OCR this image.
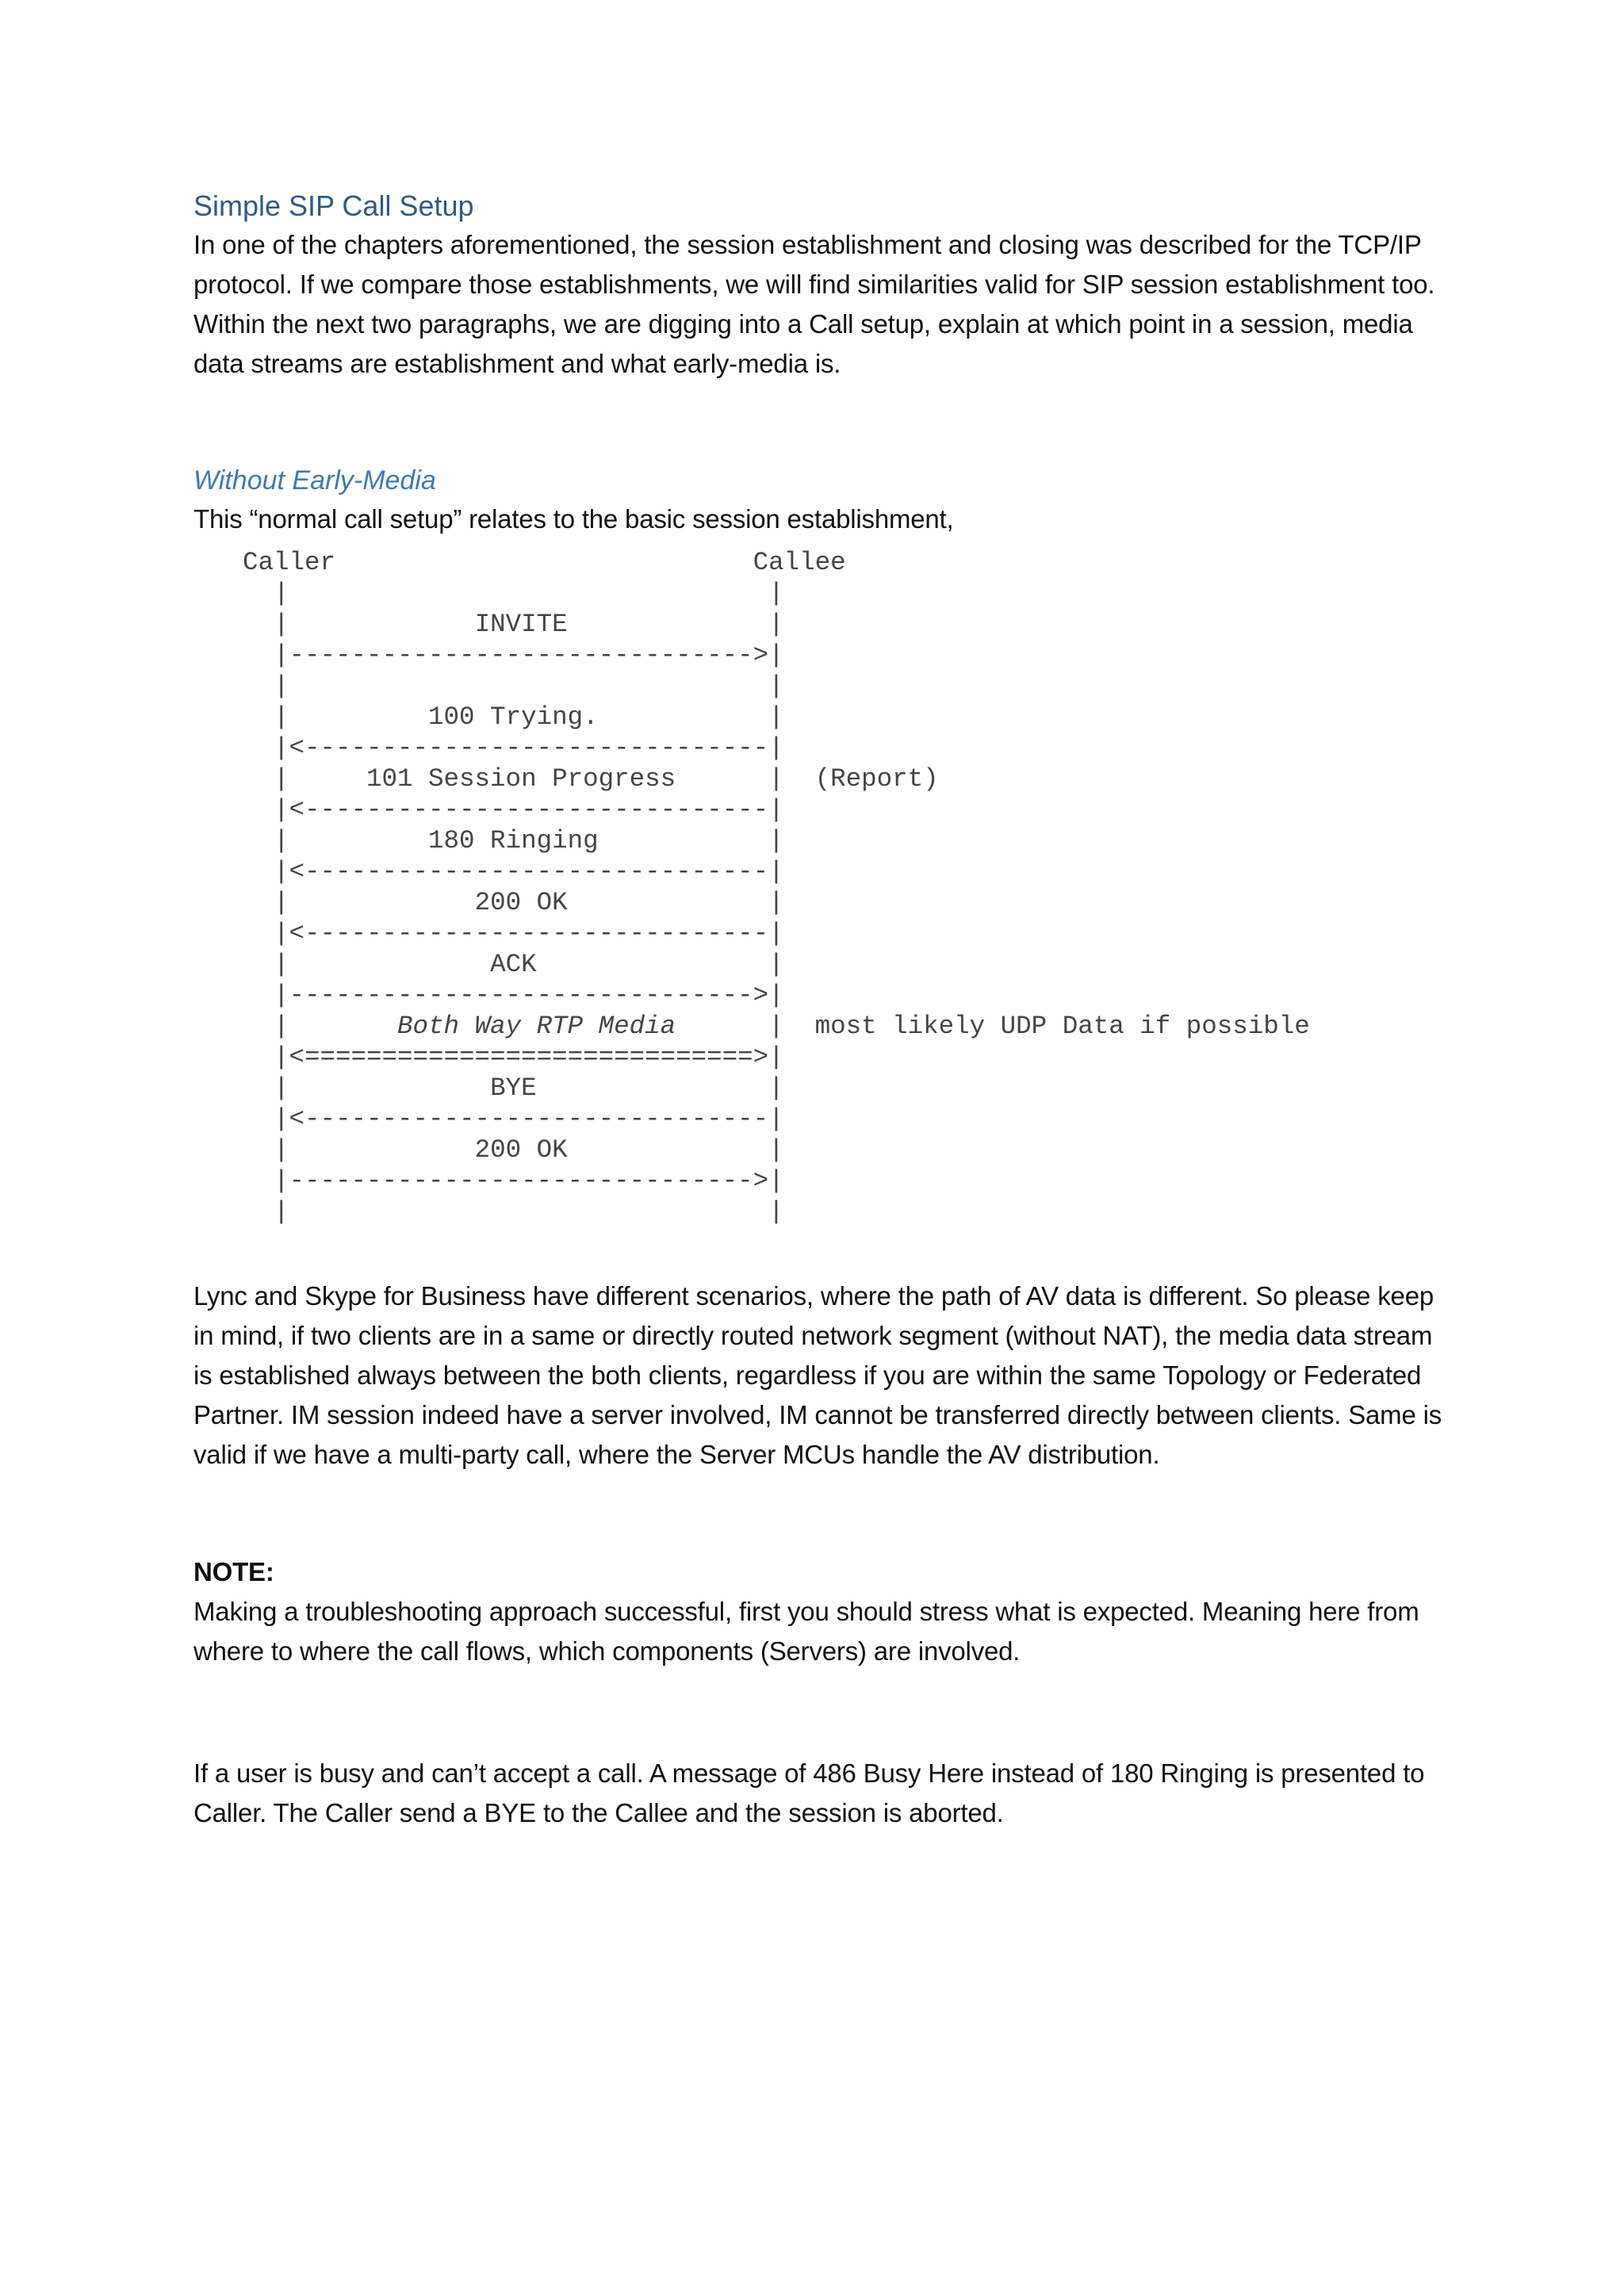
Simple SIP Call Setup

In one of the chapters aforementioned, the session establishment and closing was described for the TCP/IP protocol. If we compare those establishments, we will find similarities valid for SIP session establishment too. Within the next two paragraphs, we are digging into a Call setup, explain at which point in a session, media data streams are establishment and what early-media is.

Without Early-Media

This “normal call setup” relates to the basic session establishment,

Caller	Callee
|                               |
|	INVITE	|
|------------------------------>|
|                               |
|	100 Trying.	|
|<------------------------------|
|	101 Session Progress      |  (Report)
|<------------------------------|
|	180 Ringing	|
|<------------------------------|
|	200 OK	|
|<------------------------------|
|	ACK	|
|------------------------------>|
|	Both Way RTP Media      |  most likely UDP Data if possible
|<=============================>|
|	BYE	|
|<------------------------------|
|	200 OK	|
|------------------------------>|
|                               |

Lync and Skype for Business have different scenarios, where the path of AV data is different. So please keep in mind, if two clients are in a same or directly routed network segment (without NAT), the media data stream is established always between the both clients, regardless if you are within the same Topology or Federated Partner. IM session indeed have a server involved, IM cannot be transferred directly between clients. Same is valid if we have a multi-party call, where the Server MCUs handle the AV distribution.

NOTE:
Making a troubleshooting approach successful, first you should stress what is expected. Meaning here from where to where the call flows, which components (Servers) are involved.

If a user is busy and can’t accept a call. A message of 486 Busy Here instead of 180 Ringing is presented to Caller. The Caller send a BYE to the Callee and the session is aborted.
